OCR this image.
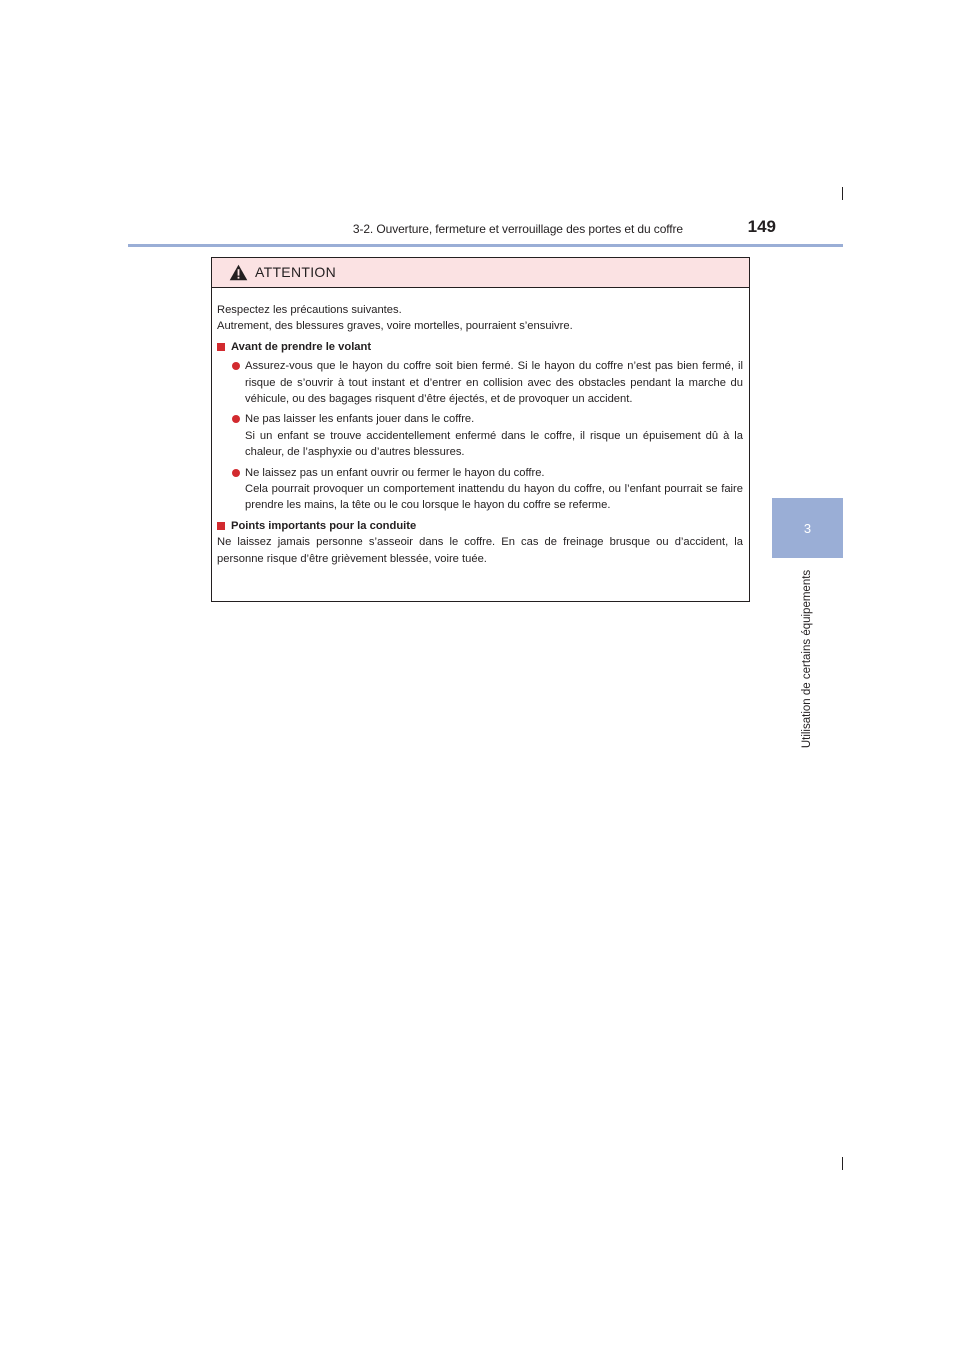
3-2. Ouverture, fermeture et verrouillage des portes et du coffre	149
3
Utilisation de certains équipements
ATTENTION

Respectez les précautions suivantes.

Autrement, des blessures graves, voire mortelles, pourraient s’ensuivre.

Avant de prendre le volant

Assurez-vous que le hayon du coffre soit bien fermé. Si le hayon du coffre n’est pas bien fermé, il risque de s’ouvrir à tout instant et d’entrer en collision avec des obstacles pendant la marche du véhicule, ou des bagages risquent d’être éjectés, et de provoquer un accident.

Ne pas laisser les enfants jouer dans le coffre.

Si un enfant se trouve accidentellement enfermé dans le coffre, il risque un épuisement dû à la chaleur, de l’asphyxie ou d’autres blessures.

Ne laissez pas un enfant ouvrir ou fermer le hayon du coffre.

Cela pourrait provoquer un comportement inattendu du hayon du coffre, ou l’enfant pourrait se faire prendre les mains, la tête ou le cou lorsque le hayon du coffre se referme.

Points importants pour la conduite

Ne laissez jamais personne s’asseoir dans le coffre. En cas de freinage brusque ou d’accident, la personne risque d’être grièvement blessée, voire tuée.
